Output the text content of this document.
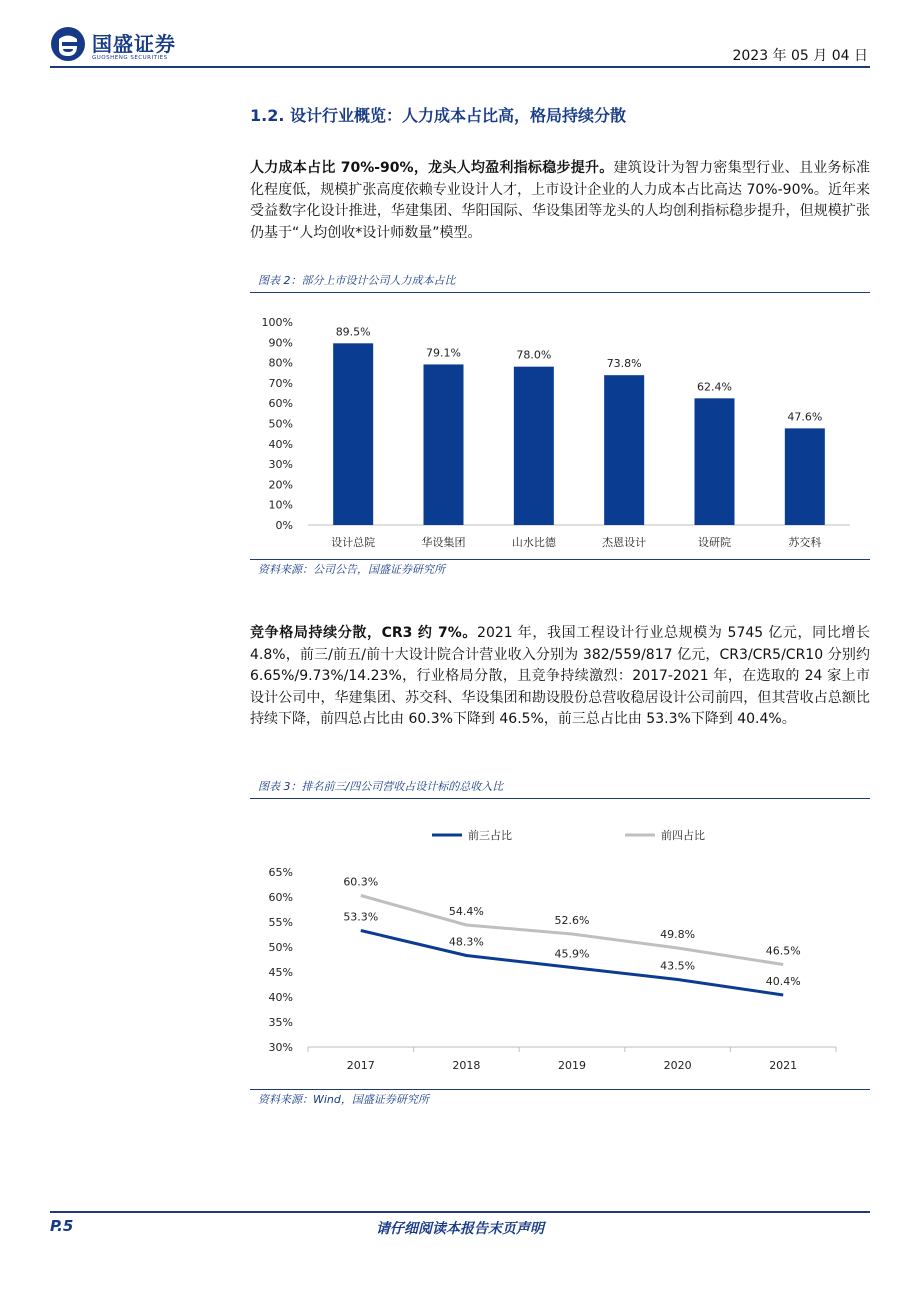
国盛证券
GUOSHENG SECURITIES	2023 年 05 月 04 日
1.2. 设计行业概览：人力成本占比高，格局持续分散
人力成本占比 70%-90%，龙头人均盈利指标稳步提升。建筑设计为智力密集型行业、且业务标准化程度低，规模扩张高度依赖专业设计人才，上市设计企业的人力成本占比高达 70%-90%。近年来受益数字化设计推进，华建集团、华阳国际、华设集团等龙头的人均创利指标稳步提升，但规模扩张仍基于“人均创收*设计师数量”模型。
图表 2：部分上市设计公司人力成本占比
0%
10%
20%
30%
40%
50%
60%
70%
80%
90%
100%
89.5%
设计总院
79.1%
华设集团
78.0%
山水比德
73.8%
杰恩设计
62.4%
设研院
47.6%
苏交科
资料来源：公司公告，国盛证券研究所
竞争格局持续分散，CR3 约 7%。2021 年，我国工程设计行业总规模为 5745 亿元，同比增长 4.8%，前三/前五/前十大设计院合计营业收入分别为 382/559/817 亿元，CR3/CR5/CR10 分别约 6.65%/9.73%/14.23%，行业格局分散，且竞争持续激烈：2017-2021 年，在选取的 24 家上市设计公司中，华建集团、苏交科、华设集团和勘设股份总营收稳居设计公司前四，但其营收占总额比持续下降，前四总占比由 60.3%下降到 46.5%，前三总占比由 53.3%下降到 40.4%。
图表 3：排名前三/四公司营收占设计标的总收入比
前三占比	前四占比
30%
35%
40%
45%
50%
55%
60%
65%
2017	2018	2019	2020	2021
53.3%
48.3%
45.9%
43.5%
40.4%
60.3%
54.4%
52.6%
49.8%
46.5%
资料来源：Wind，国盛证券研究所
P.5	请仔细阅读本报告末页声明
